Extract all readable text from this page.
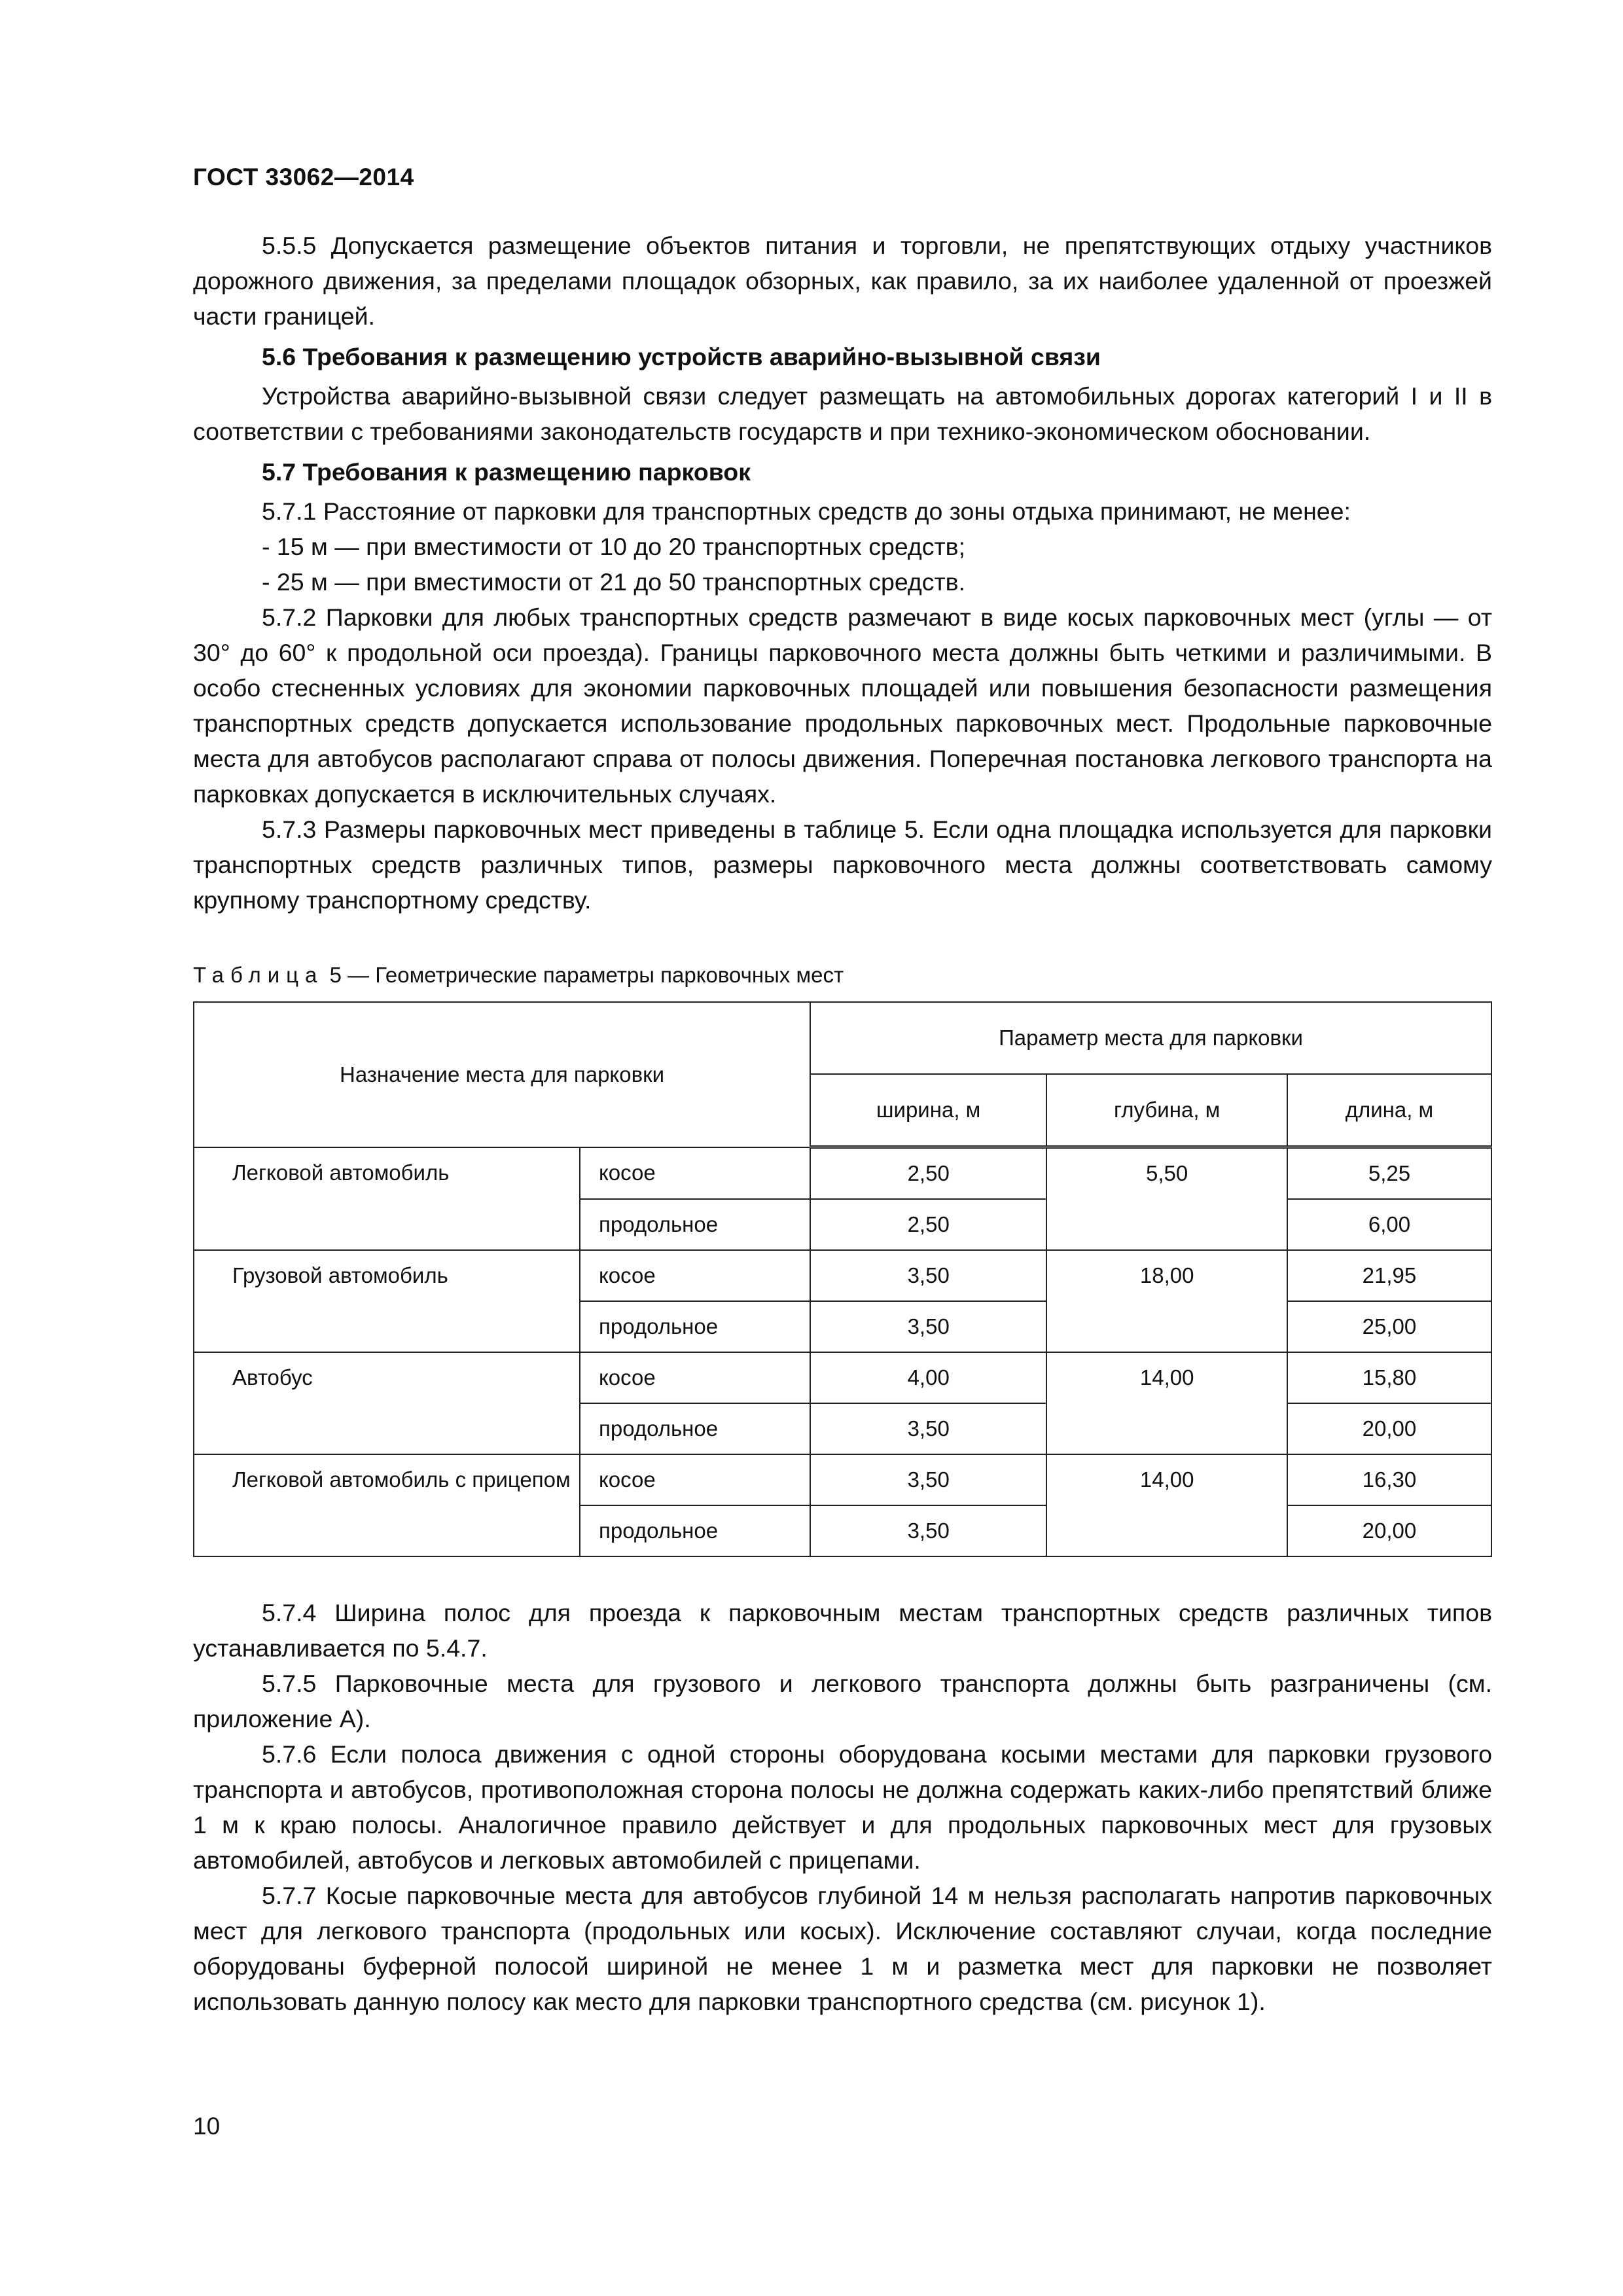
ГОСТ 33062—2014

5.5.5 Допускается размещение объектов питания и торговли, не препятствующих отдыху участников дорожного движения, за пределами площадок обзорных, как правило, за их наиболее удаленной от проезжей части границей.

5.6 Требования к размещению устройств аварийно-вызывной связи

Устройства аварийно-вызывной связи следует размещать на автомобильных дорогах категорий I и II в соответствии с требованиями законодательств государств и при технико-экономическом обосновании.

5.7 Требования к размещению парковок

5.7.1 Расстояние от парковки для транспортных средств до зоны отдыха принимают, не менее:

- 15 м — при вместимости от 10 до 20 транспортных средств;

- 25 м — при вместимости от 21 до 50 транспортных средств.

5.7.2 Парковки для любых транспортных средств размечают в виде косых парковочных мест (углы — от 30° до 60° к продольной оси проезда). Границы парковочного места должны быть четкими и различимыми. В особо стесненных условиях для экономии парковочных площадей или повышения безопасности размещения транспортных средств допускается использование продольных парковочных мест. Продольные парковочные места для автобусов располагают справа от полосы движения. Поперечная постановка легкового транспорта на парковках допускается в исключительных случаях.

5.7.3 Размеры парковочных мест приведены в таблице 5. Если одна площадка используется для парковки транспортных средств различных типов, размеры парковочного места должны соответствовать самому крупному транспортному средству.

Таблица 5 — Геометрические параметры парковочных мест
Назначение места для парковки		Параметр места для парковки		
		ширина, м	глубина, м	длина, м
Легковой автомобиль	косое	2,50	5,50	5,25
	продольное	2,50		6,00
Грузовой автомобиль	косое	3,50	18,00	21,95
	продольное	3,50		25,00
Автобус	косое	4,00	14,00	15,80
	продольное	3,50		20,00
Легковой автомобиль с прицепом	косое	3,50	14,00	16,30
	продольное	3,50		20,00

5.7.4 Ширина полос для проезда к парковочным местам транспортных средств различных типов устанавливается по 5.4.7.

5.7.5 Парковочные места для грузового и легкового транспорта должны быть разграничены (см. приложение А).

5.7.6 Если полоса движения с одной стороны оборудована косыми местами для парковки грузового транспорта и автобусов, противоположная сторона полосы не должна содержать каких-либо препятствий ближе 1 м к краю полосы. Аналогичное правило действует и для продольных парковочных мест для грузовых автомобилей, автобусов и легковых автомобилей с прицепами.

5.7.7 Косые парковочные места для автобусов глубиной 14 м нельзя располагать напротив парковочных мест для легкового транспорта (продольных или косых). Исключение составляют случаи, когда последние оборудованы буферной полосой шириной не менее 1 м и разметка мест для парковки не позволяет использовать данную полосу как место для парковки транспортного средства (см. рисунок 1).

10
